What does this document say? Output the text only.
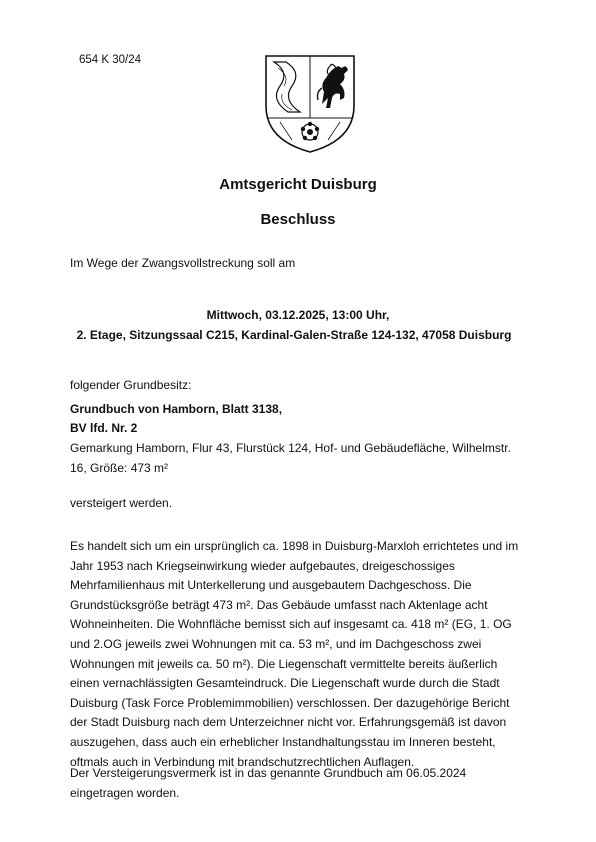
654 K 30/24
Amtsgericht Duisburg
Beschluss
Im Wege der Zwangsvollstreckung soll am
Mittwoch, 03.12.2025, 13:00 Uhr,
2. Etage, Sitzungssaal C215, Kardinal-Galen-Straße 124-132, 47058 Duisburg
folgender Grundbesitz:
Grundbuch von Hamborn, Blatt 3138,
BV lfd. Nr. 2
Gemarkung Hamborn, Flur 43, Flurstück 124, Hof- und Gebäudefläche, Wilhelmstr.
16, Größe: 473 m²
versteigert werden.
Es handelt sich um ein ursprünglich ca. 1898 in Duisburg-Marxloh errichtetes und im
Jahr 1953 nach Kriegseinwirkung wieder aufgebautes, dreigeschossiges
Mehrfamilienhaus mit Unterkellerung und ausgebautem Dachgeschoss. Die
Grundstücksgröße beträgt 473 m². Das Gebäude umfasst nach Aktenlage acht
Wohneinheiten. Die Wohnfläche bemisst sich auf insgesamt ca. 418 m² (EG, 1. OG
und 2.OG jeweils zwei Wohnungen mit ca. 53 m², und im Dachgeschoss zwei
Wohnungen mit jeweils ca. 50 m²). Die Liegenschaft vermittelte bereits äußerlich
einen vernachlässigten Gesamteindruck. Die Liegenschaft wurde durch die Stadt
Duisburg (Task Force Problemimmobilien) verschlossen. Der dazugehörige Bericht
der Stadt Duisburg nach dem Unterzeichner nicht vor. Erfahrungsgemäß ist davon
auszugehen, dass auch ein erheblicher Instandhaltungsstau im Inneren besteht,
oftmals auch in Verbindung mit brandschutzrechtlichen Auflagen.
Der Versteigerungsvermerk ist in das genannte Grundbuch am 06.05.2024
eingetragen worden.
